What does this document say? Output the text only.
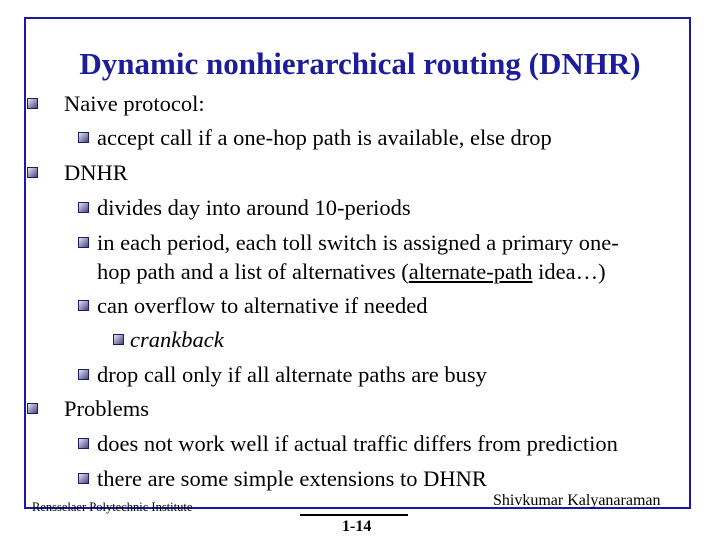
Dynamic nonhierarchical routing (DNHR)
Naive protocol:
accept call if a one-hop path is available, else drop
DNHR
divides day into around 10-periods
in each period, each toll switch is assigned a primary one-
hop path and a list of alternatives (alternate-path idea…)
can overflow to alternative if needed
crankback
drop call only if all alternate paths are busy
Problems
does not work well if actual traffic differs from prediction
there are some simple extensions to DHNR
Rensselaer Polytechnic Institute	Shivkumar Kalyanaraman
1-14
